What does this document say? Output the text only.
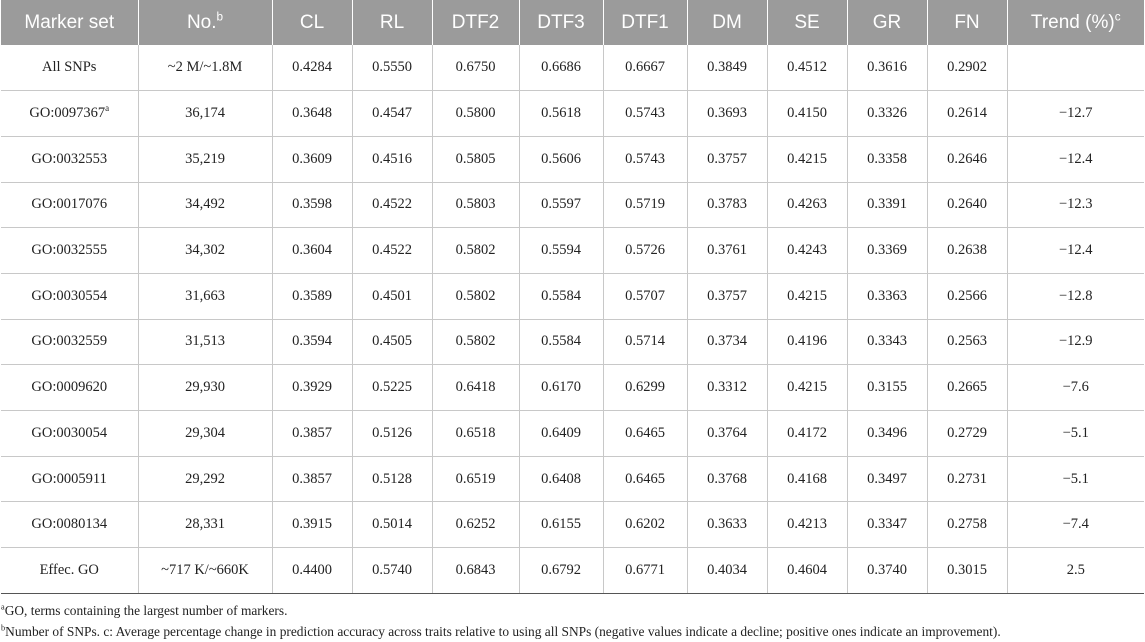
Marker set	No.$^b$	CL	RL	DTF2	DTF3	DTF1	DM	SE	GR	FN	Trend (%)$^c$
All SNPs	~2 M/~1.8M	0.4284	0.5550	0.6750	0.6686	0.6667	0.3849	0.4512	0.3616	0.2902	
GO:0097367$^a$	36,174	0.3648	0.4547	0.5800	0.5618	0.5743	0.3693	0.4150	0.3326	0.2614	−12.7
GO:0032553	35,219	0.3609	0.4516	0.5805	0.5606	0.5743	0.3757	0.4215	0.3358	0.2646	−12.4
GO:0017076	34,492	0.3598	0.4522	0.5803	0.5597	0.5719	0.3783	0.4263	0.3391	0.2640	−12.3
GO:0032555	34,302	0.3604	0.4522	0.5802	0.5594	0.5726	0.3761	0.4243	0.3369	0.2638	−12.4
GO:0030554	31,663	0.3589	0.4501	0.5802	0.5584	0.5707	0.3757	0.4215	0.3363	0.2566	−12.8
GO:0032559	31,513	0.3594	0.4505	0.5802	0.5584	0.5714	0.3734	0.4196	0.3343	0.2563	−12.9
GO:0009620	29,930	0.3929	0.5225	0.6418	0.6170	0.6299	0.3312	0.4215	0.3155	0.2665	−7.6
GO:0030054	29,304	0.3857	0.5126	0.6518	0.6409	0.6465	0.3764	0.4172	0.3496	0.2729	−5.1
GO:0005911	29,292	0.3857	0.5128	0.6519	0.6408	0.6465	0.3768	0.4168	0.3497	0.2731	−5.1
GO:0080134	28,331	0.3915	0.5014	0.6252	0.6155	0.6202	0.3633	0.4213	0.3347	0.2758	−7.4
Effec. GO	~717 K/~660K	0.4400	0.5740	0.6843	0.6792	0.6771	0.4034	0.4604	0.3740	0.3015	2.5
$^a$GO, terms containing the largest number of markers.
$^b$Number of SNPs. c: Average percentage change in prediction accuracy across traits relative to using all SNPs (negative values indicate a decline; positive ones indicate an improvement).
